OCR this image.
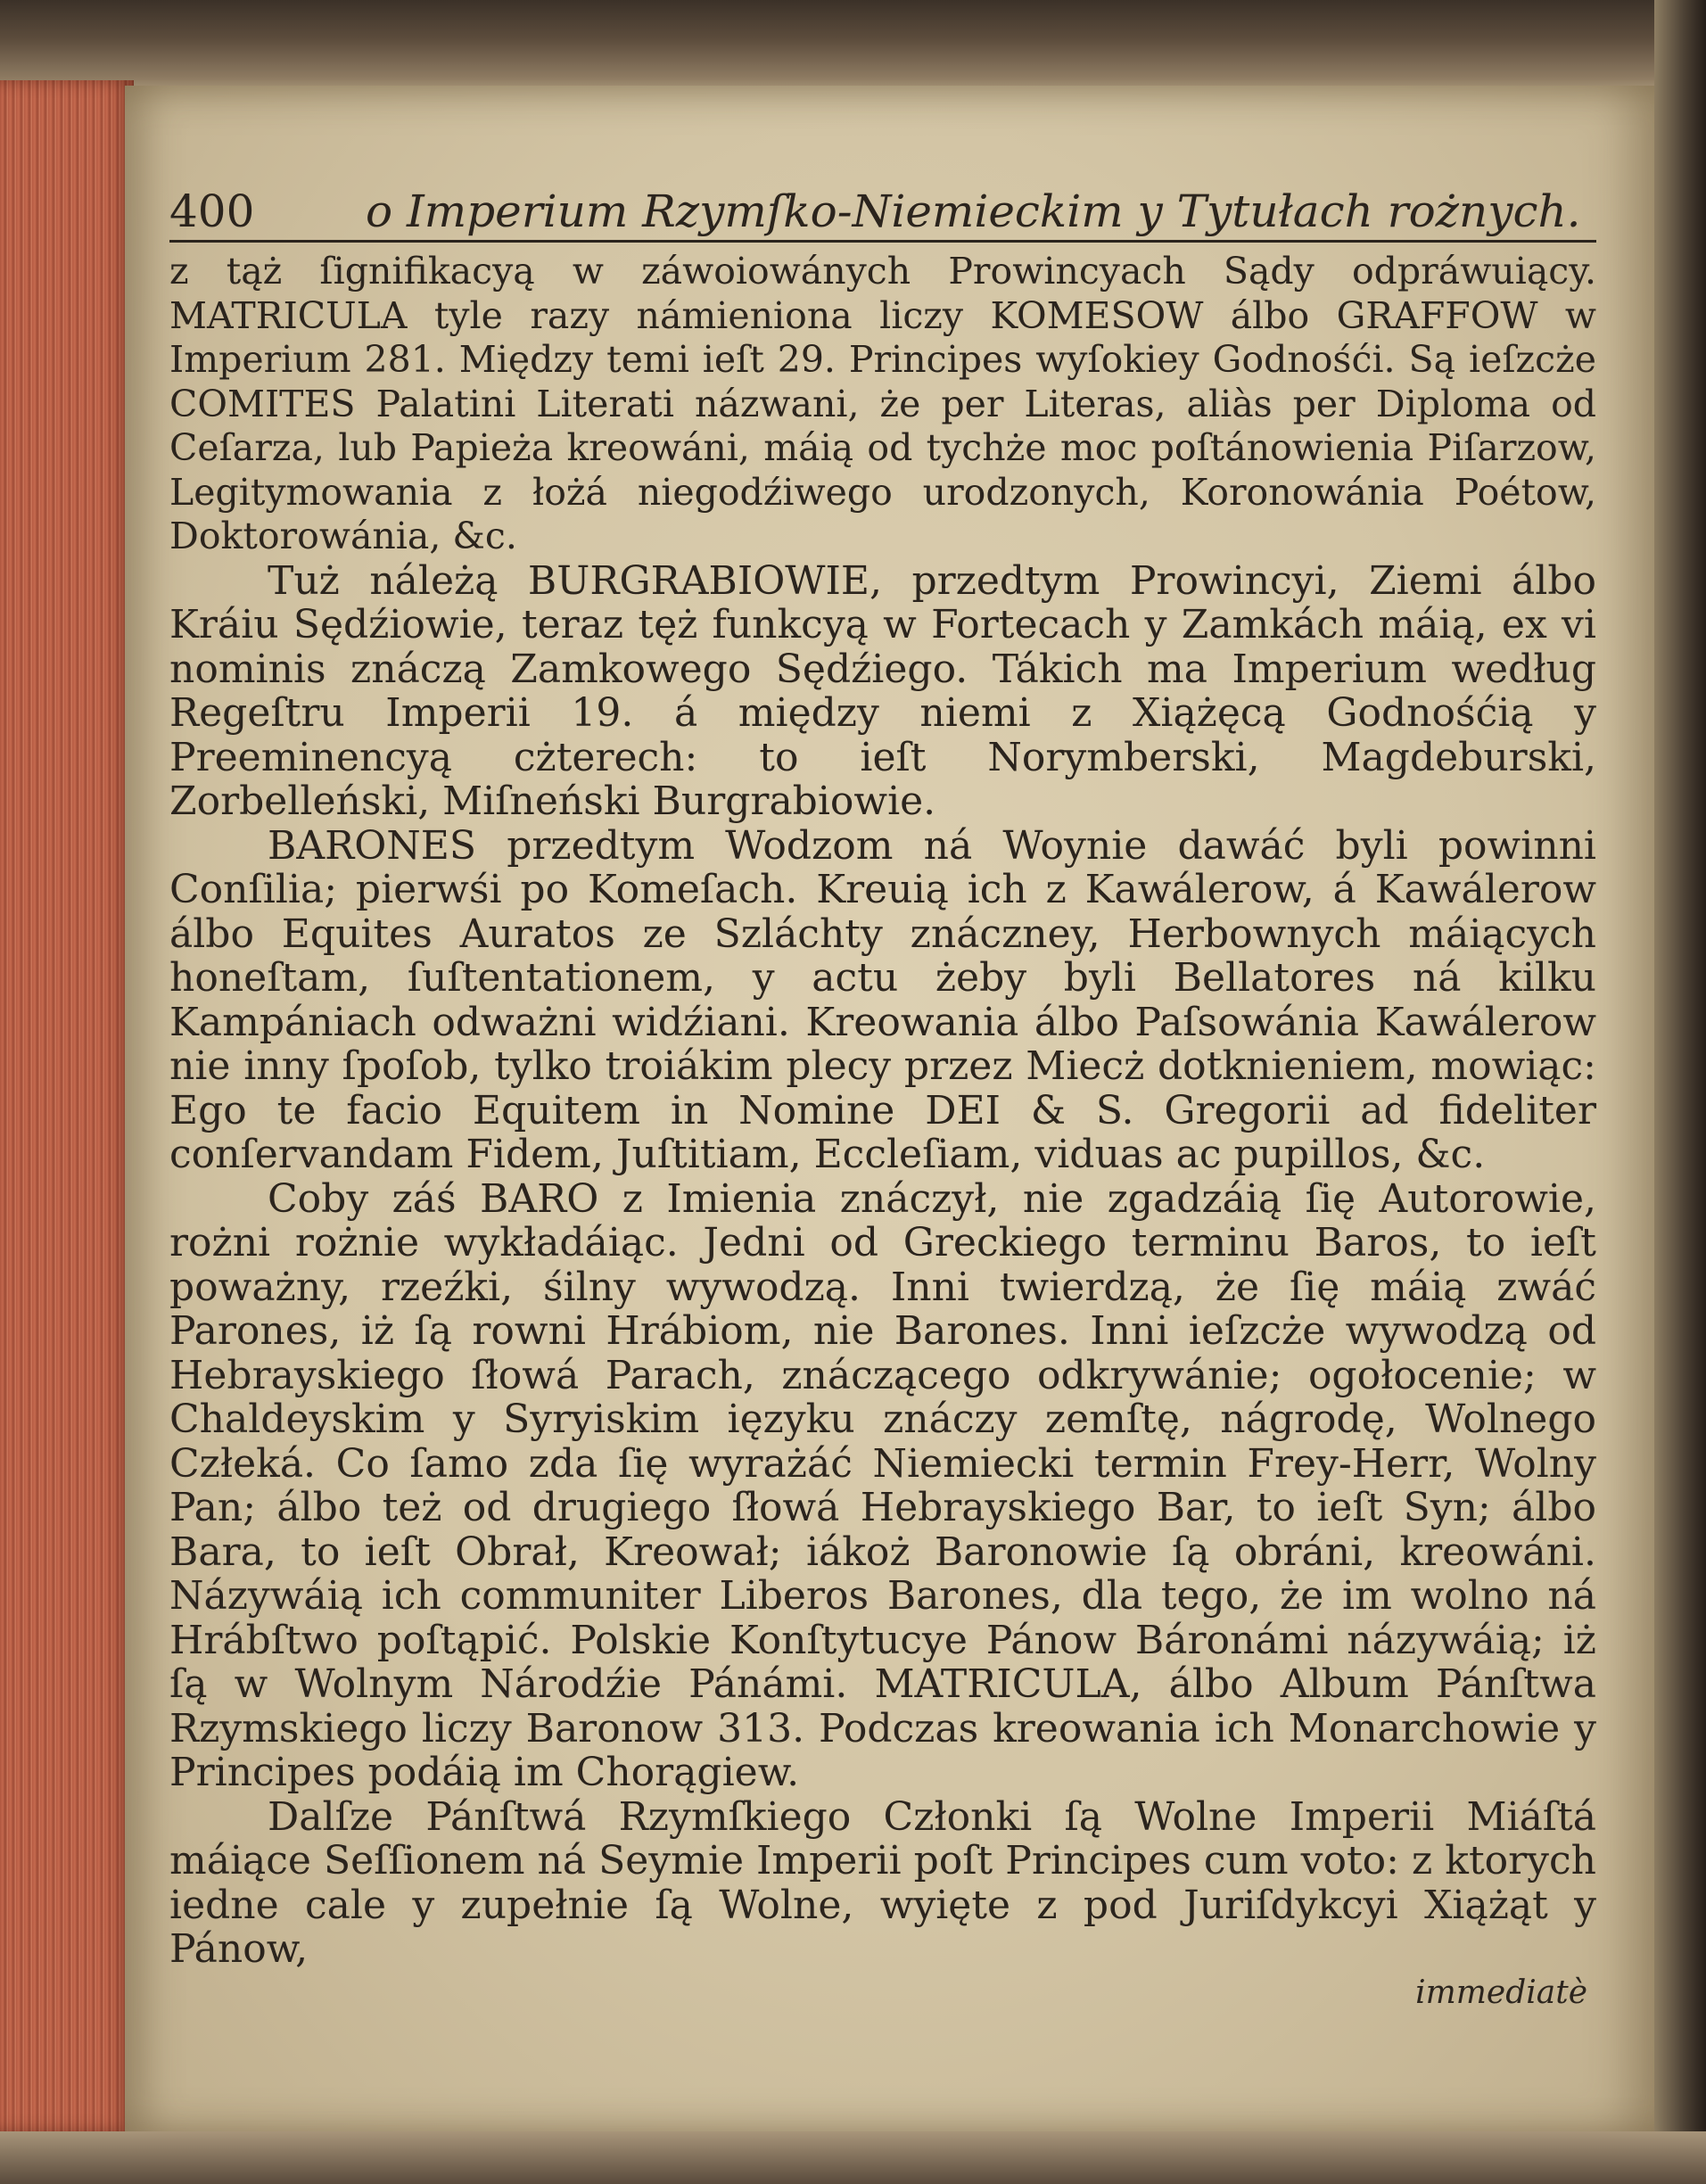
400	o Imperium Rzymſko-Niemieckim y Tytułach rożnych.

z tąż ſignifikacyą w záwoiowánych Prowincyach Sądy odpráwuiący. MATRICULA tyle razy námieniona liczy KOMESOW álbo GRAFFOW w Imperium 281. Między temi ieſt 29. Principes wyſokiey Godnośći. Są ieſzcże COMITES Palatini Literati názwani, że per Literas, aliàs per Diploma od Ceſarza, lub Papieża kreowáni, máią od tychże moc poſtánowienia Piſarzow, Legitymowania z łożá niegodźiwego urodzonych, Koronowánia Poétow, Doktorowánia, &c.

Tuż náleżą BURGRABIOWIE, przedtym Prowincyi, Ziemi álbo Kráiu Sędźiowie, teraz tęż funkcyą w Fortecach y Zamkách máią, ex vi nominis znáczą Zamkowego Sędźiego. Tákich ma Imperium według Regeſtru Imperii 19. á między niemi z Xiążęcą Godnośćią y Preeminencyą cżterech: to ieſt Norymberski, Magdeburski, Zorbelleński, Miſneński Burgrabiowie.

BARONES przedtym Wodzom ná Woynie dawáć byli powinni Conſilia; pierwśi po Komeſach. Kreuią ich z Kawálerow, á Kawálerow álbo Equites Auratos ze Szláchty znáczney, Herbownych máiących honeſtam, ſuſtentationem, y actu żeby byli Bellatores ná kilku Kampániach odważni widźiani. Kreowania álbo Paſsowánia Kawálerow nie inny ſpoſob, tylko troiákim plecy przez Miecż dotknieniem, mowiąc: Ego te facio Equitem in Nomine DEI & S. Gregorii ad fideliter conſervandam Fidem, Juſtitiam, Eccleſiam, viduas ac pupillos, &c.

Coby záś BARO z Imienia znáczył, nie zgadzáią ſię Autorowie, rożni rożnie wykładáiąc. Jedni od Greckiego terminu Baros, to ieſt poważny, rzeźki, śilny wywodzą. Inni twierdzą, że ſię máią zwáć Parones, iż ſą rowni Hrábiom, nie Barones. Inni ieſzcże wywodzą od Hebrayskiego ſłowá Parach, znáczącego odkrywánie; ogołocenie; w Chaldeyskim y Syryiskim ięzyku znáczy zemſtę, nágrodę, Wolnego Człeká. Co ſamo zda ſię wyrażáć Niemiecki termin Frey-Herr, Wolny Pan; álbo też od drugiego ſłowá Hebrayskiego Bar, to ieſt Syn; álbo Bara, to ieſt Obrał, Kreował; iákoż Baronowie ſą obráni, kreowáni. Názywáią ich communiter Liberos Barones, dla tego, że im wolno ná Hrábſtwo poſtąpić. Polskie Konſtytucye Pánow Báronámi názywáią; iż ſą w Wolnym Národźie Pánámi. MATRICULA, álbo Album Pánſtwa Rzymskiego liczy Baronow 313. Podczas kreowania ich Monarchowie y Principes podáią im Chorągiew.

Dalſze Pánſtwá Rzymſkiego Członki ſą Wolne Imperii Miáſtá máiące Seſſionem ná Seymie Imperii poſt Principes cum voto: z ktorych iedne cale y zupełnie ſą Wolne, wyięte z pod Juriſdykcyi Xiążąt y Pánow,

immediatè
